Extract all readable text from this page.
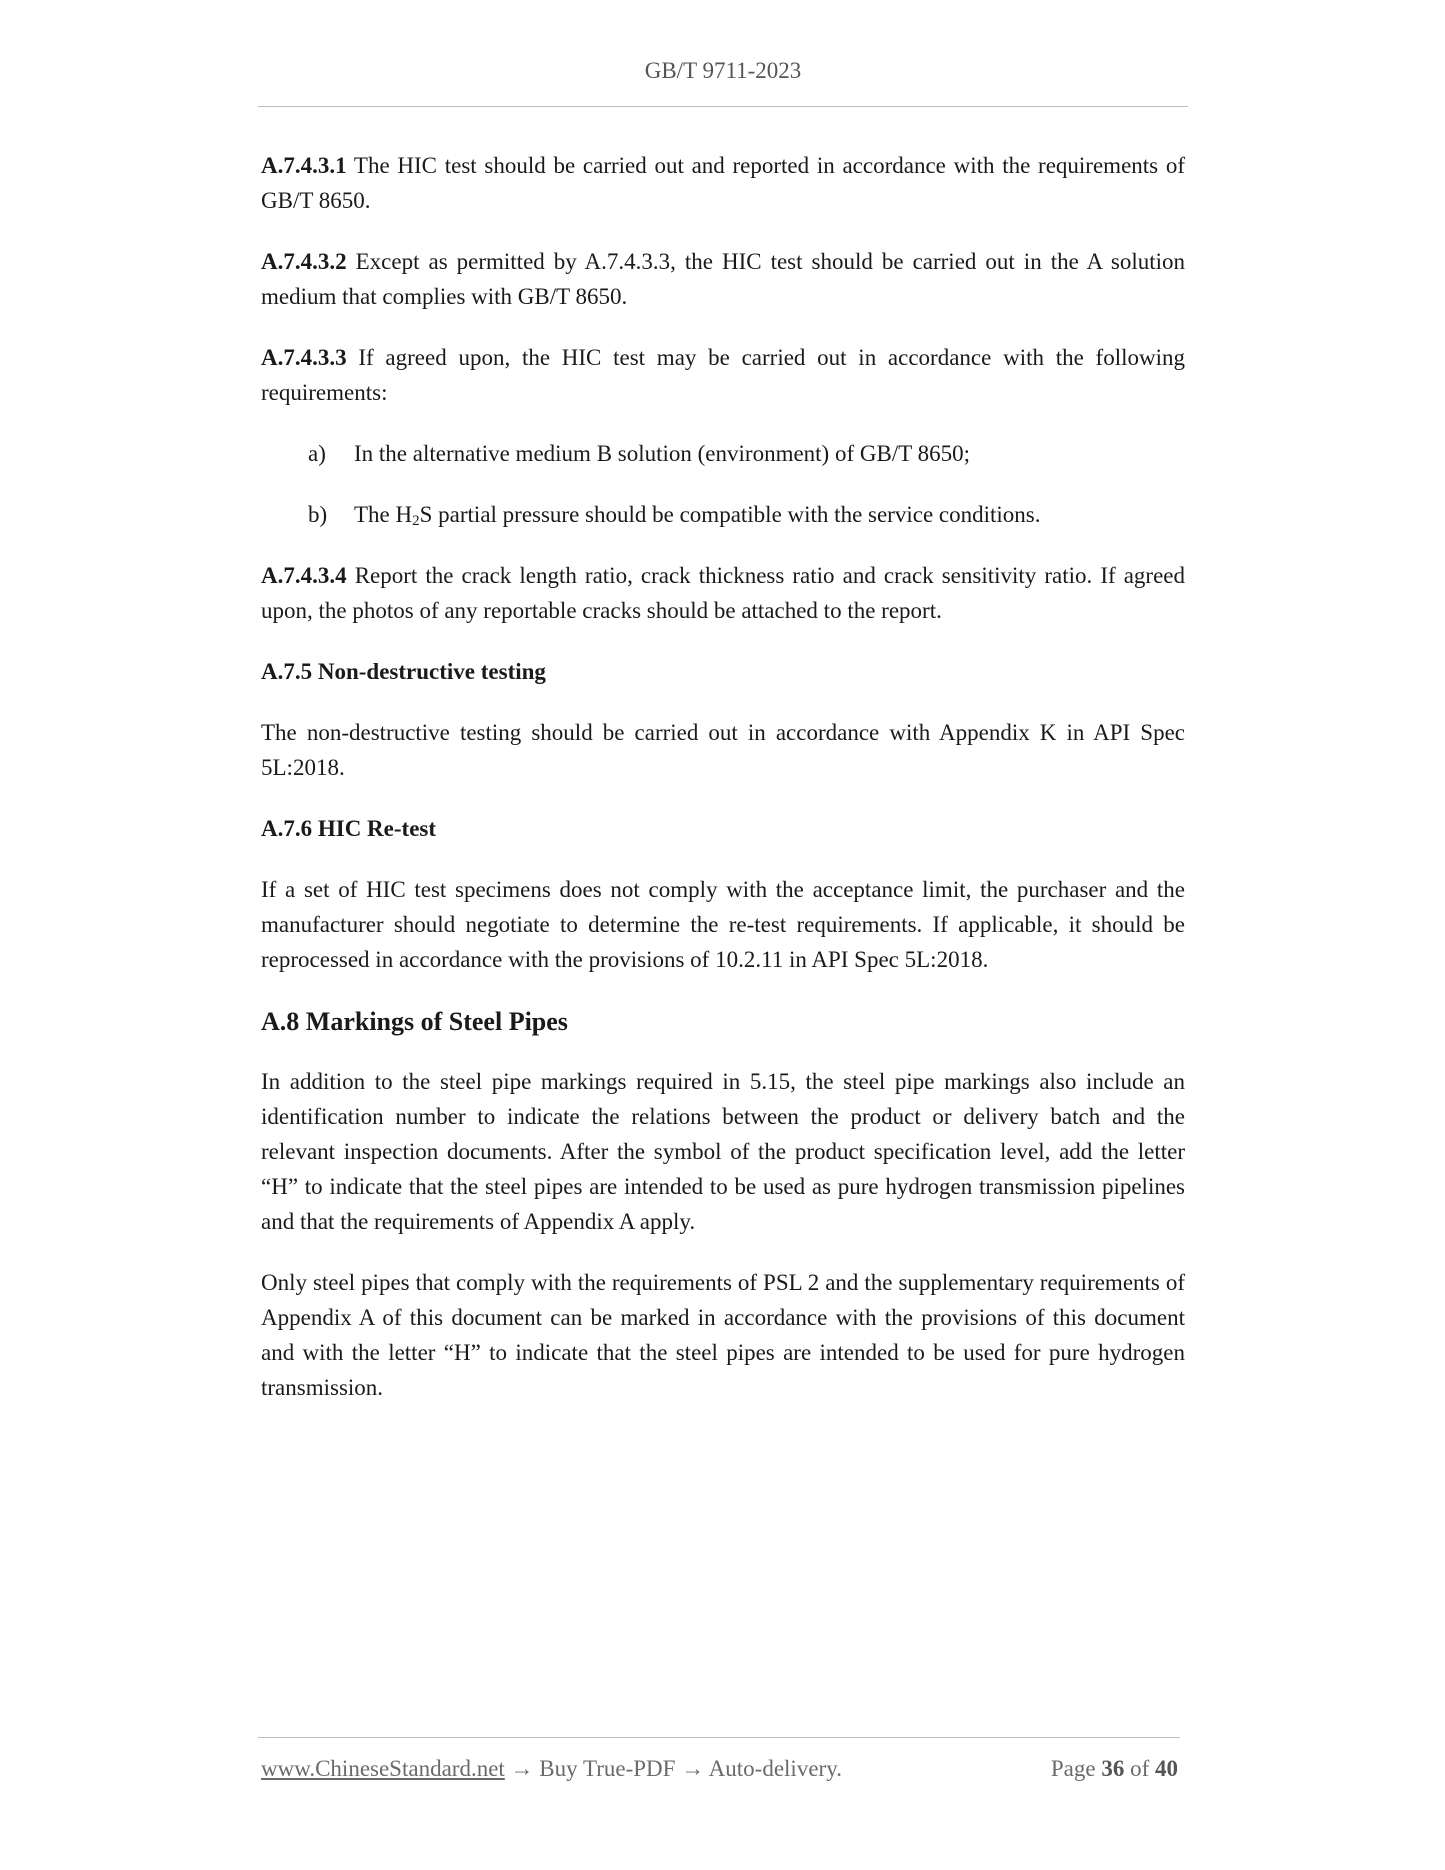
GB/T 9711-2023

A.7.4.3.1 The HIC test should be carried out and reported in accordance with the requirements of GB/T 8650.

A.7.4.3.2 Except as permitted by A.7.4.3.3, the HIC test should be carried out in the A solution medium that complies with GB/T 8650.

A.7.4.3.3 If agreed upon, the HIC test may be carried out in accordance with the following requirements:

a)	In the alternative medium B solution (environment) of GB/T 8650;
b)	The $H_2S$ partial pressure should be compatible with the service conditions.

A.7.4.3.4 Report the crack length ratio, crack thickness ratio and crack sensitivity ratio. If agreed upon, the photos of any reportable cracks should be attached to the report.

A.7.5 Non-destructive testing

The non-destructive testing should be carried out in accordance with Appendix K in API Spec 5L:2018.

A.7.6 HIC Re-test

If a set of HIC test specimens does not comply with the acceptance limit, the purchaser and the manufacturer should negotiate to determine the re-test requirements. If applicable, it should be reprocessed in accordance with the provisions of 10.2.11 in API Spec 5L:2018.

A.8 Markings of Steel Pipes

In addition to the steel pipe markings required in 5.15, the steel pipe markings also include an identification number to indicate the relations between the product or delivery batch and the relevant inspection documents. After the symbol of the product specification level, add the letter “H” to indicate that the steel pipes are intended to be used as pure hydrogen transmission pipelines and that the requirements of Appendix A apply.

Only steel pipes that comply with the requirements of PSL 2 and the supplementary requirements of Appendix A of this document can be marked in accordance with the provisions of this document and with the letter “H” to indicate that the steel pipes are intended to be used for pure hydrogen transmission.

www.ChineseStandard.net → Buy True-PDF → Auto-delivery.	Page 36 of 40
